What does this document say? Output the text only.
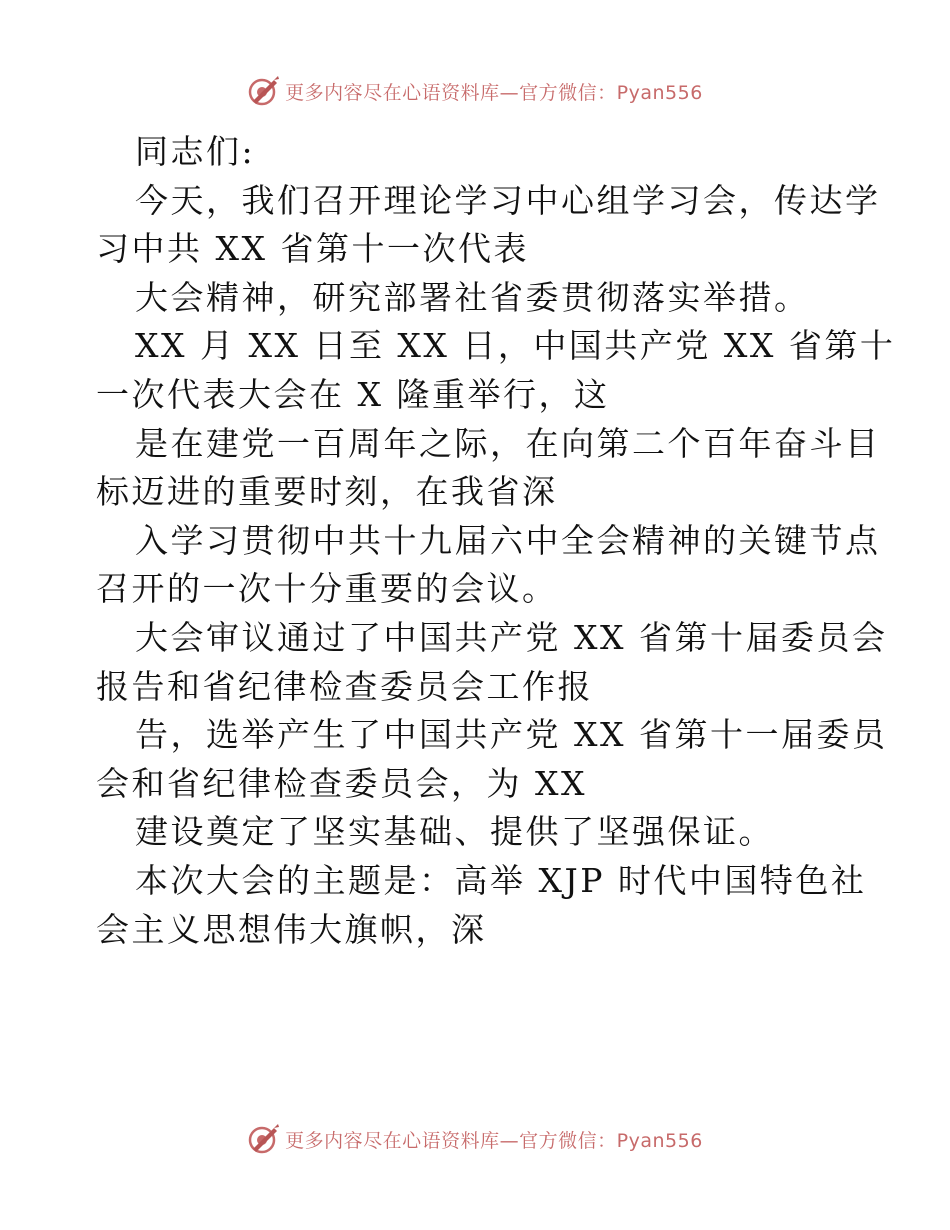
更多内容尽在心语资料库—官方微信：Pyan556
同志们:
今天，我们召开理论学习中心组学习会，传达学
习中共 XX 省第十一次代表
大会精神，研究部署社省委贯彻落实举措。
XX 月 XX 日至 XX 日，中国共产党 XX 省第十
一次代表大会在 X 隆重举行，这
是在建党一百周年之际，在向第二个百年奋斗目
标迈进的重要时刻，在我省深
入学习贯彻中共十九届六中全会精神的关键节点
召开的一次十分重要的会议。
大会审议通过了中国共产党 XX 省第十届委员会
报告和省纪律检查委员会工作报
告，选举产生了中国共产党 XX 省第十一届委员
会和省纪律检查委员会，为 XX
建设奠定了坚实基础、提供了坚强保证。
本次大会的主题是：高举 XJP 时代中国特色社
会主义思想伟大旗帜，深
更多内容尽在心语资料库—官方微信：Pyan556
